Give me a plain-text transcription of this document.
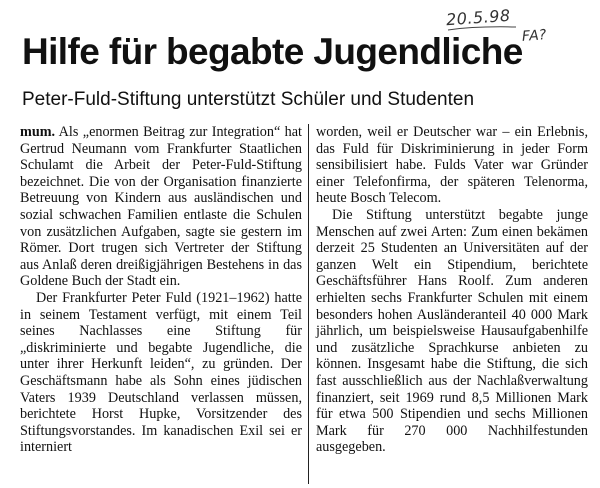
20.5.98
FA?
Hilfe für begabte Jugendliche
Peter-Fuld-Stiftung unterstützt Schüler und Studenten

mum. Als „enormen Beitrag zur Integration“ hat Gertrud Neumann vom Frankfurter Staatlichen Schulamt die Arbeit der Peter-Fuld-Stiftung bezeichnet. Die von der Organisation finanzierte Betreuung von Kindern aus ausländischen und sozial schwachen Familien entlaste die Schulen von zusätzlichen Aufgaben, sagte sie gestern im Römer. Dort trugen sich Vertreter der Stiftung aus Anlaß deren dreißigjährigen Bestehens in das Goldene Buch der Stadt ein.

Der Frankfurter Peter Fuld (1921–1962) hatte in seinem Testament verfügt, mit einem Teil seines Nachlasses eine Stiftung für „diskriminierte und begabte Jugendliche, die unter ihrer Herkunft leiden“, zu gründen. Der Geschäftsmann habe als Sohn eines jüdischen Vaters 1939 Deutschland verlassen müssen, berichtete Horst Hupke, Vorsitzender des Stiftungsvorstandes. Im kanadischen Exil sei er interniert

worden, weil er Deutscher war – ein Erlebnis, das Fuld für Diskriminierung in jeder Form sensibilisiert habe. Fulds Vater war Gründer einer Telefonfirma, der späteren Telenorma, heute Bosch Telecom.

Die Stiftung unterstützt begabte junge Menschen auf zwei Arten: Zum einen bekämen derzeit 25 Studenten an Universitäten auf der ganzen Welt ein Stipendium, berichtete Geschäftsführer Hans Roolf. Zum anderen erhielten sechs Frankfurter Schulen mit einem besonders hohen Ausländeranteil 40 000 Mark jährlich, um beispielsweise Hausaufgabenhilfe und zusätzliche Sprachkurse anbieten zu können. Insgesamt habe die Stiftung, die sich fast ausschließlich aus der Nachlaßverwaltung finanziert, seit 1969 rund 8,5 Millionen Mark für etwa 500 Stipendien und sechs Millionen Mark für 270 000 Nachhilfestunden ausgegeben.
